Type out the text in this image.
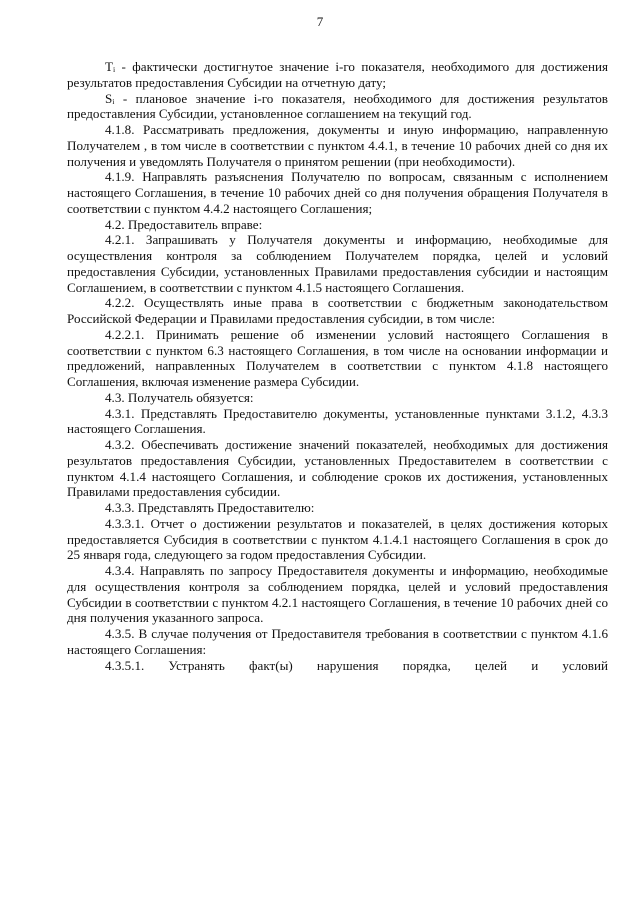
7

Tᵢ - фактически достигнутое значение i-го показателя, необходимого для достижения результатов предоставления Субсидии на отчетную дату;

Sᵢ - плановое значение i-го показателя, необходимого для достижения результатов предоставления Субсидии, установленное соглашением на текущий год.

4.1.8. Рассматривать предложения, документы и иную информацию, направленную Получателем , в том числе в соответствии с пунктом 4.4.1, в течение 10 рабочих дней со дня их получения и уведомлять Получателя о принятом решении (при необходимости).

4.1.9. Направлять разъяснения Получателю по вопросам, связанным с исполнением настоящего Соглашения, в течение 10 рабочих дней со дня получения обращения Получателя в соответствии с пунктом 4.4.2 настоящего Соглашения;

4.2. Предоставитель вправе:

4.2.1. Запрашивать у Получателя документы и информацию, необходимые для осуществления контроля за соблюдением Получателем порядка, целей и условий предоставления Субсидии, установленных Правилами предоставления субсидии и настоящим Соглашением, в соответствии с пунктом 4.1.5 настоящего Соглашения.

4.2.2. Осуществлять иные права в соответствии с бюджетным законодательством Российской Федерации и Правилами предоставления субсидии, в том числе:

4.2.2.1. Принимать решение об изменении условий настоящего Соглашения в соответствии с пунктом 6.3 настоящего Соглашения, в том числе на основании информации и предложений, направленных Получателем в соответствии с пунктом 4.1.8 настоящего Соглашения, включая изменение размера Субсидии.

4.3. Получатель обязуется:

4.3.1. Представлять Предоставителю документы, установленные пунктами 3.1.2, 4.3.3 настоящего Соглашения.

4.3.2. Обеспечивать достижение значений показателей, необходимых для достижения результатов предоставления Субсидии, установленных Предоставителем в соответствии с пунктом 4.1.4 настоящего Соглашения, и соблюдение сроков их достижения, установленных Правилами предоставления субсидии.

4.3.3. Представлять Предоставителю:

4.3.3.1. Отчет о достижении результатов и показателей, в целях достижения которых предоставляется Субсидия в соответствии с пунктом 4.1.4.1 настоящего Соглашения в срок до 25 января года, следующего за годом предоставления Субсидии.

4.3.4. Направлять по запросу Предоставителя документы и информацию, необходимые для осуществления контроля за соблюдением порядка, целей и условий предоставления Субсидии в соответствии с пунктом 4.2.1 настоящего Соглашения, в течение 10 рабочих дней со дня получения указанного запроса.

4.3.5. В случае получения от Предоставителя требования в соответствии с пунктом 4.1.6 настоящего Соглашения:

4.3.5.1. Устранять факт(ы) нарушения порядка, целей и условий
